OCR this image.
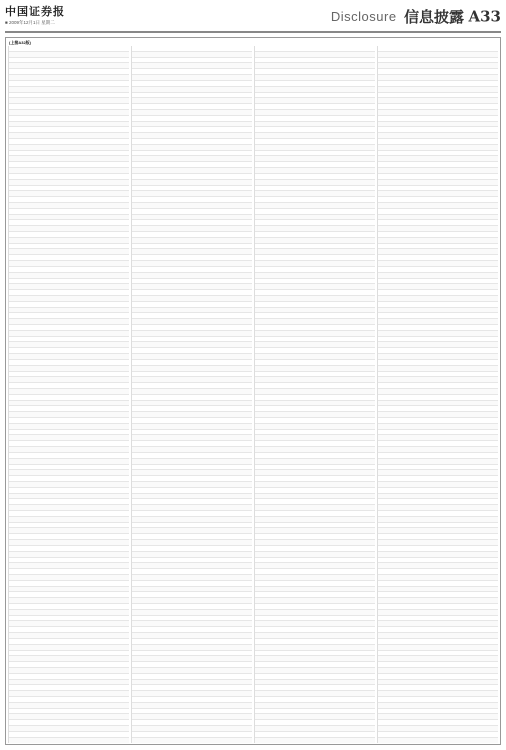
中国证券报
■ 2009年12月1日 星期二	Disclosure 信息披露 A33
(上接A32版)
